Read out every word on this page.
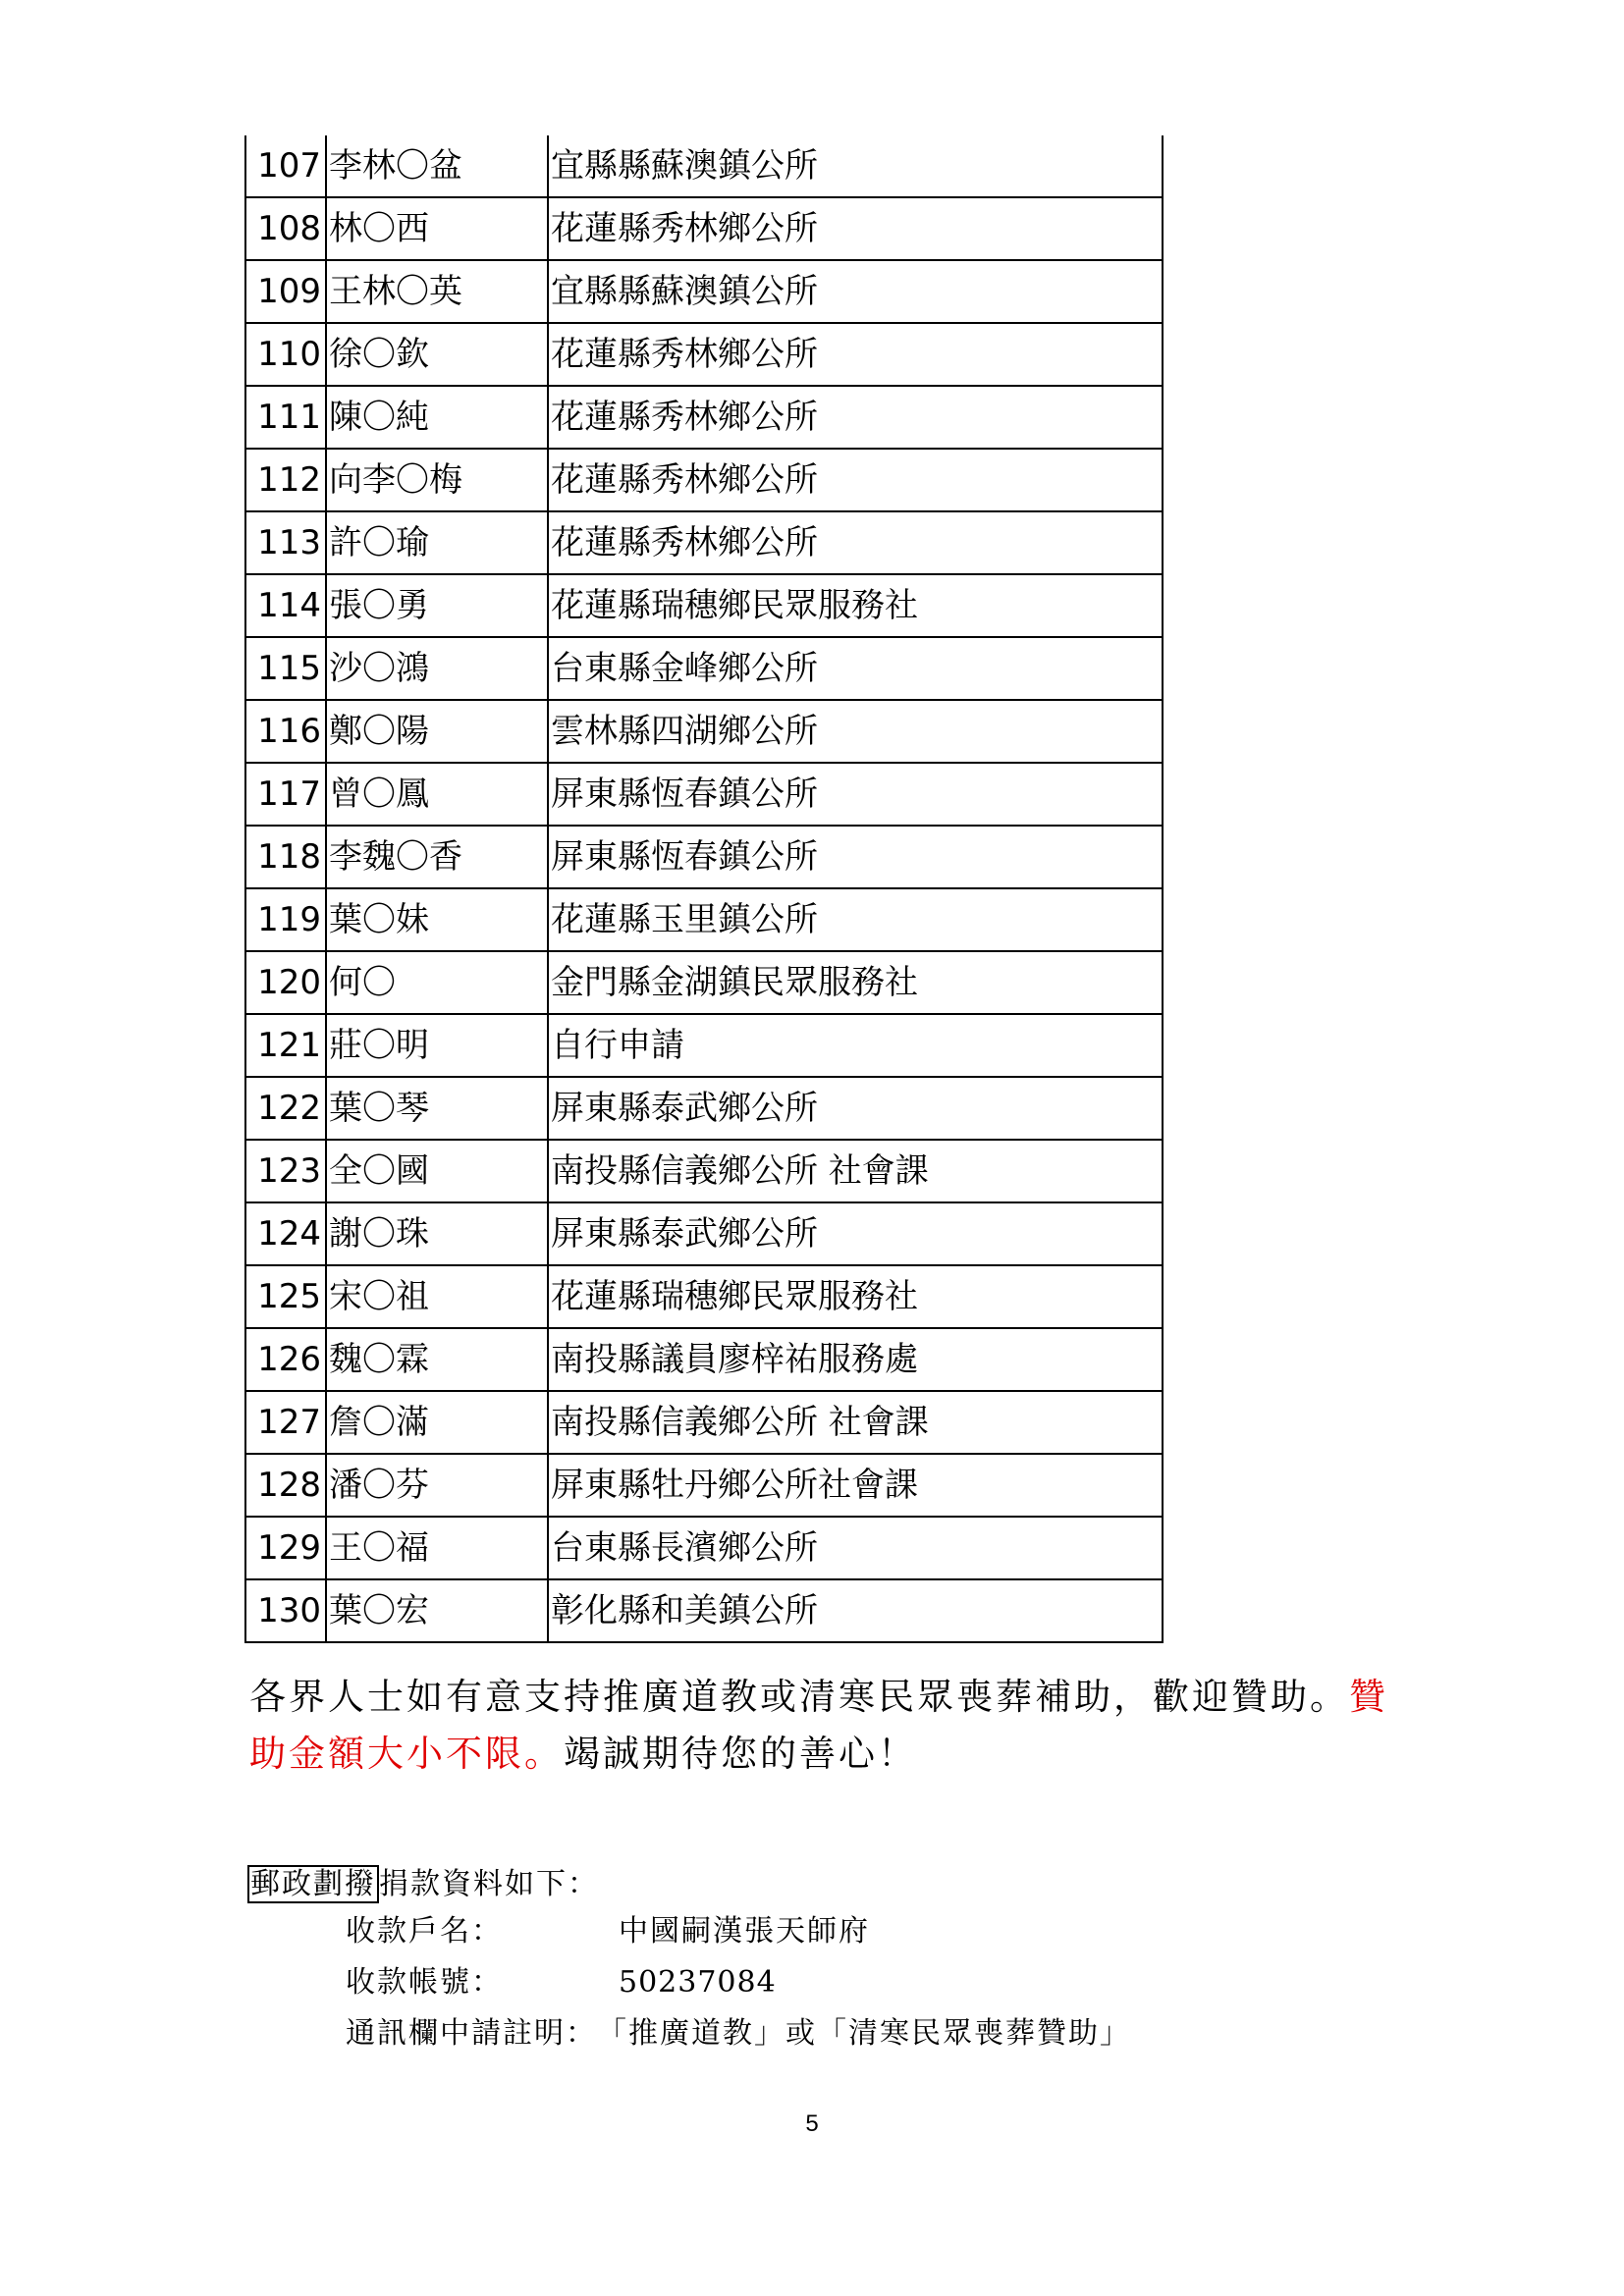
107	李林〇盆	宜縣縣蘇澳鎮公所
108	林〇西	花蓮縣秀林鄉公所
109	王林〇英	宜縣縣蘇澳鎮公所
110	徐〇欽	花蓮縣秀林鄉公所
111	陳〇純	花蓮縣秀林鄉公所
112	向李〇梅	花蓮縣秀林鄉公所
113	許〇瑜	花蓮縣秀林鄉公所
114	張〇勇	花蓮縣瑞穗鄉民眾服務社
115	沙〇鴻	台東縣金峰鄉公所
116	鄭〇陽	雲林縣四湖鄉公所
117	曾〇鳳	屏東縣恆春鎮公所
118	李魏〇香	屏東縣恆春鎮公所
119	葉〇妹	花蓮縣玉里鎮公所
120	何〇	金門縣金湖鎮民眾服務社
121	莊〇明	自行申請
122	葉〇琴	屏東縣泰武鄉公所
123	全〇國	南投縣信義鄉公所 社會課
124	謝〇珠	屏東縣泰武鄉公所
125	宋〇祖	花蓮縣瑞穗鄉民眾服務社
126	魏〇霖	南投縣議員廖梓祐服務處
127	詹〇滿	南投縣信義鄉公所 社會課
128	潘〇芬	屏東縣牡丹鄉公所社會課
129	王〇福	台東縣長濱鄉公所
130	葉〇宏	彰化縣和美鎮公所

各界人士如有意支持推廣道教或清寒民眾喪葬補助，歡迎贊助。贊助金額大小不限。竭誠期待您的善心！

郵政劃撥 捐款資料如下：
收款戶名：	中國嗣漢張天師府
收款帳號：	50237084
通訊欄中請註明：「推廣道教」或「清寒民眾喪葬贊助」
5
